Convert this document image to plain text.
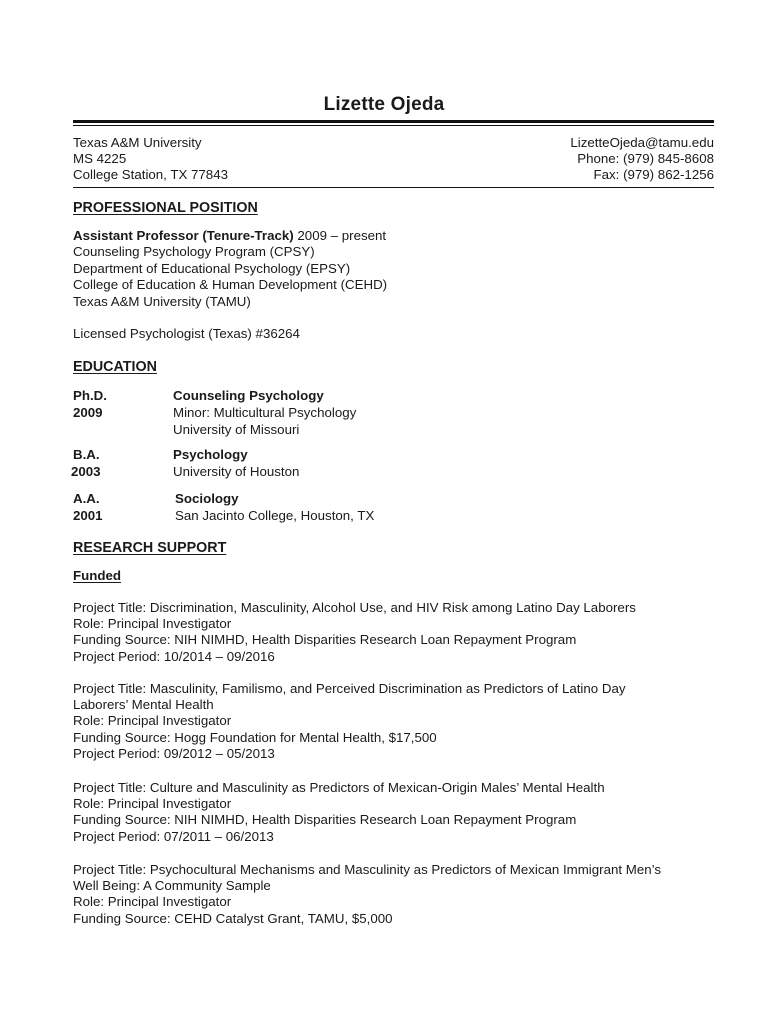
Lizette Ojeda
Texas A&M University
MS 4225
College Station, TX 77843
LizetteOjeda@tamu.edu
Phone: (979) 845-8608
Fax: (979) 862-1256
PROFESSIONAL POSITION
Assistant Professor (Tenure-Track) 2009 – present
Counseling Psychology Program (CPSY)
Department of Educational Psychology (EPSY)
College of Education & Human Development (CEHD)
Texas A&M University (TAMU)
Licensed Psychologist (Texas) #36264
EDUCATION
Ph.D.
2009
Counseling Psychology
Minor: Multicultural Psychology
University of Missouri
B.A.
2003
Psychology
University of Houston
A.A.
2001
Sociology
San Jacinto College, Houston, TX
RESEARCH SUPPORT
Funded
Project Title: Discrimination, Masculinity, Alcohol Use, and HIV Risk among Latino Day Laborers
Role: Principal Investigator
Funding Source: NIH NIMHD, Health Disparities Research Loan Repayment Program
Project Period: 10/2014 – 09/2016
Project Title: Masculinity, Familismo, and Perceived Discrimination as Predictors of Latino Day
Laborers’ Mental Health
Role: Principal Investigator
Funding Source: Hogg Foundation for Mental Health, $17,500
Project Period: 09/2012 – 05/2013
Project Title: Culture and Masculinity as Predictors of Mexican-Origin Males’ Mental Health
Role: Principal Investigator
Funding Source: NIH NIMHD, Health Disparities Research Loan Repayment Program
Project Period: 07/2011 – 06/2013
Project Title: Psychocultural Mechanisms and Masculinity as Predictors of Mexican Immigrant Men’s
Well Being: A Community Sample
Role: Principal Investigator
Funding Source: CEHD Catalyst Grant, TAMU, $5,000
